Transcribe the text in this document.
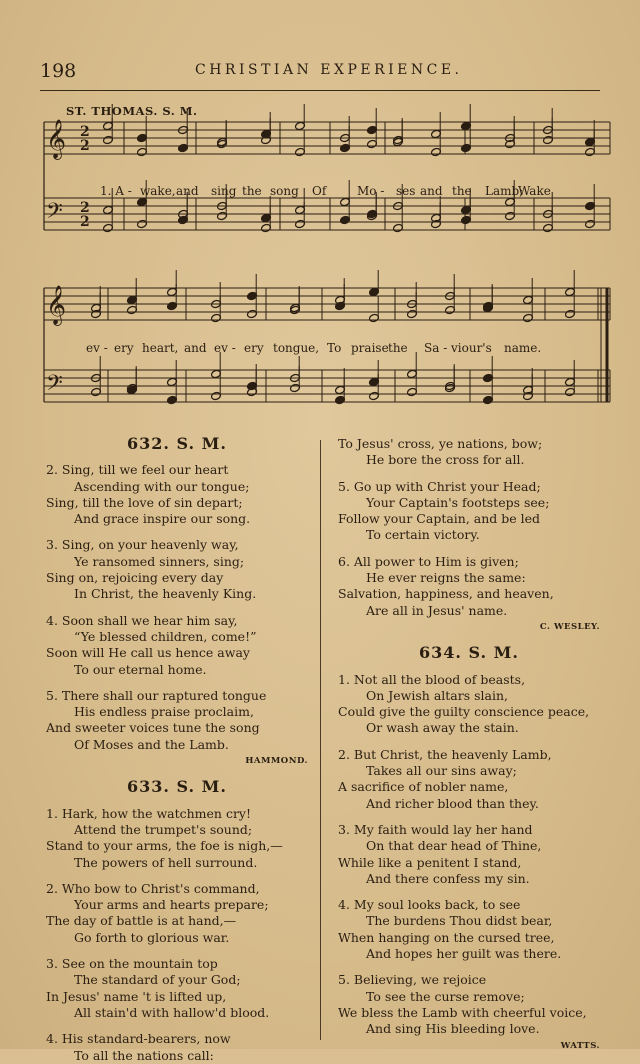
198	CHRISTIAN EXPERIENCE.
ST. THOMAS. S. M.
𝄞
𝄢
𝄞
𝄢
2
2
2
2
1. A - wake, and sing the song Of	Mo - ses and the Lamb;
Wake
ev - ery heart, and ev - ery tongue, To praise the Sa - viour's name.
632. S. M.
2. Sing, till we feel our heart
Ascending with our tongue;
Sing, till the love of sin depart;
And grace inspire our song.
3. Sing, on your heavenly way,
Ye ransomed sinners, sing;
Sing on, rejoicing every day
In Christ, the heavenly King.
4. Soon shall we hear him say,
“Ye blessed children, come!”
Soon will He call us hence away
To our eternal home.
5. There shall our raptured tongue
His endless praise proclaim,
And sweeter voices tune the song
Of Moses and the Lamb.
HAMMOND.
633. S. M.
1. Hark, how the watchmen cry!
Attend the trumpet's sound;
Stand to your arms, the foe is nigh,—
The powers of hell surround.
2. Who bow to Christ's command,
Your arms and hearts prepare;
The day of battle is at hand,—
Go forth to glorious war.
3. See on the mountain top
The standard of your God;
In Jesus' name 't is lifted up,
All stain'd with hallow'd blood.
4. His standard-bearers, now
To all the nations call:
To Jesus' cross, ye nations, bow;
He bore the cross for all.
5. Go up with Christ your Head;
Your Captain's footsteps see;
Follow your Captain, and be led
To certain victory.
6. All power to Him is given;
He ever reigns the same:
Salvation, happiness, and heaven,
Are all in Jesus' name.
C. WESLEY.
634. S. M.
1. Not all the blood of beasts,
On Jewish altars slain,
Could give the guilty conscience peace,
Or wash away the stain.
2. But Christ, the heavenly Lamb,
Takes all our sins away;
A sacrifice of nobler name,
And richer blood than they.
3. My faith would lay her hand
On that dear head of Thine,
While like a penitent I stand,
And there confess my sin.
4. My soul looks back, to see
The burdens Thou didst bear,
When hanging on the cursed tree,
And hopes her guilt was there.
5. Believing, we rejoice
To see the curse remove;
We bless the Lamb with cheerful voice,
And sing His bleeding love.
WATTS.
